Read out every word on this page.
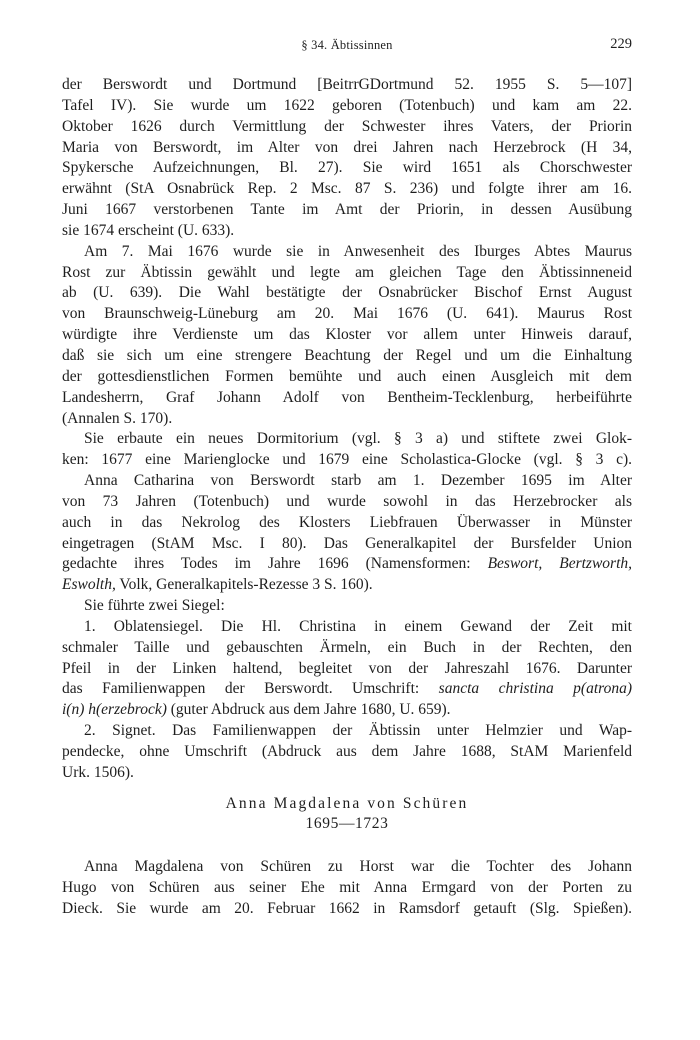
§ 34. Äbtissinnen	229
der Berswordt und Dortmund [BeitrrGDortmund 52. 1955 S. 5—107]
Tafel IV). Sie wurde um 1622 geboren (Totenbuch) und kam am 22.
Oktober 1626 durch Vermittlung der Schwester ihres Vaters, der Priorin
Maria von Berswordt, im Alter von drei Jahren nach Herzebrock (H 34,
Spykersche Aufzeichnungen, Bl. 27). Sie wird 1651 als Chorschwester
erwähnt (StA Osnabrück Rep. 2 Msc. 87 S. 236) und folgte ihrer am 16.
Juni 1667 verstorbenen Tante im Amt der Priorin, in dessen Ausübung
sie 1674 erscheint (U. 633).
Am 7. Mai 1676 wurde sie in Anwesenheit des Iburges Abtes Maurus
Rost zur Äbtissin gewählt und legte am gleichen Tage den Äbtissinneneid
ab (U. 639). Die Wahl bestätigte der Osnabrücker Bischof Ernst August
von Braunschweig-Lüneburg am 20. Mai 1676 (U. 641). Maurus Rost
würdigte ihre Verdienste um das Kloster vor allem unter Hinweis darauf,
daß sie sich um eine strengere Beachtung der Regel und um die Einhaltung
der gottesdienstlichen Formen bemühte und auch einen Ausgleich mit dem
Landesherrn, Graf Johann Adolf von Bentheim-Tecklenburg, herbeiführte
(Annalen S. 170).
Sie erbaute ein neues Dormitorium (vgl. § 3 a) und stiftete zwei Glok-
ken: 1677 eine Marienglocke und 1679 eine Scholastica-Glocke (vgl. § 3 c).
Anna Catharina von Berswordt starb am 1. Dezember 1695 im Alter
von 73 Jahren (Totenbuch) und wurde sowohl in das Herzebrocker als
auch in das Nekrolog des Klosters Liebfrauen Überwasser in Münster
eingetragen (StAM Msc. I 80). Das Generalkapitel der Bursfelder Union
gedachte ihres Todes im Jahre 1696 (Namensformen: Beswort, Bertzworth,
Eswolth, Volk, Generalkapitels-Rezesse 3 S. 160).
Sie führte zwei Siegel:
1. Oblatensiegel. Die Hl. Christina in einem Gewand der Zeit mit
schmaler Taille und gebauschten Ärmeln, ein Buch in der Rechten, den
Pfeil in der Linken haltend, begleitet von der Jahreszahl 1676. Darunter
das Familienwappen der Berswordt. Umschrift: sancta christina p(atrona)
i(n) h(erzebrock) (guter Abdruck aus dem Jahre 1680, U. 659).
2. Signet. Das Familienwappen der Äbtissin unter Helmzier und Wap-
pendecke, ohne Umschrift (Abdruck aus dem Jahre 1688, StAM Marienfeld
Urk. 1506).
Anna Magdalena von Schüren
1695—1723
Anna Magdalena von Schüren zu Horst war die Tochter des Johann
Hugo von Schüren aus seiner Ehe mit Anna Ermgard von der Porten zu
Dieck. Sie wurde am 20. Februar 1662 in Ramsdorf getauft (Slg. Spießen).
